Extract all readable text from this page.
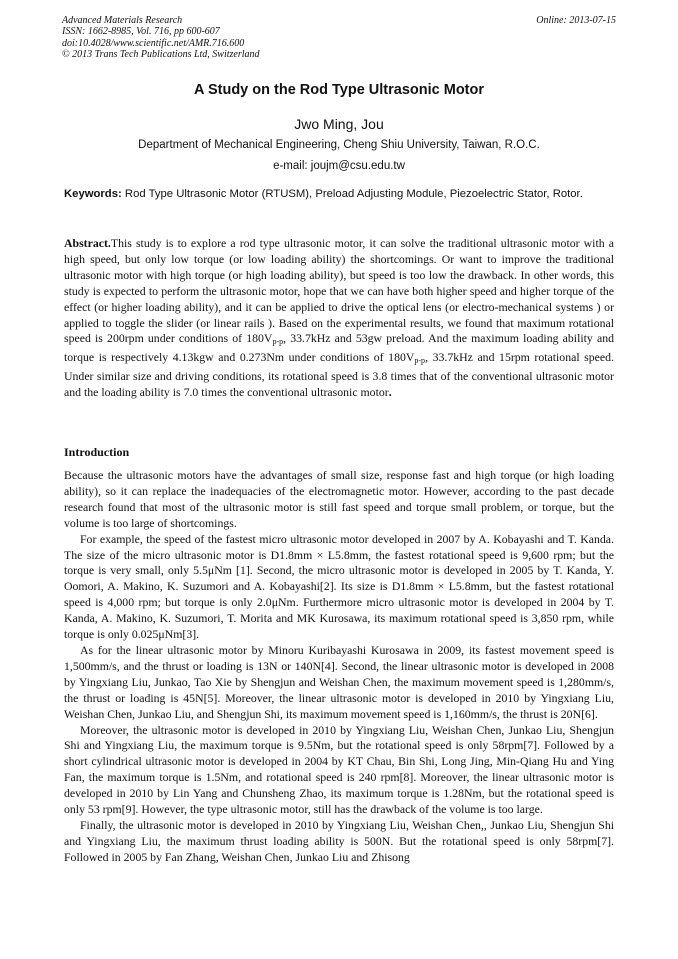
Advanced Materials Research
ISSN: 1662-8985, Vol. 716, pp 600-607
doi:10.4028/www.scientific.net/AMR.716.600
© 2013 Trans Tech Publications Ltd, Switzerland
Online: 2013-07-15
A Study on the Rod Type Ultrasonic Motor
Jwo Ming, Jou
Department of Mechanical Engineering, Cheng Shiu University, Taiwan, R.O.C.
e-mail: joujm@csu.edu.tw
Keywords: Rod Type Ultrasonic Motor (RTUSM), Preload Adjusting Module, Piezoelectric Stator, Rotor.
Abstract.This study is to explore a rod type ultrasonic motor, it can solve the traditional ultrasonic motor with a high speed, but only low torque (or low loading ability) the shortcomings. Or want to improve the traditional ultrasonic motor with high torque (or high loading ability), but speed is too low the drawback. In other words, this study is expected to perform the ultrasonic motor, hope that we can have both higher speed and higher torque of the effect (or higher loading ability), and it can be applied to drive the optical lens (or electro-mechanical systems ) or applied to toggle the slider (or linear rails ). Based on the experimental results, we found that maximum rotational speed is 200rpm under conditions of $180V_{p-p}$, 33.7kHz and 53gw preload. And the maximum loading ability and torque is respectively 4.13kgw and 0.273Nm under conditions of $180V_{p-p}$, 33.7kHz and 15rpm rotational speed. Under similar size and driving conditions, its rotational speed is 3.8 times that of the conventional ultrasonic motor and the loading ability is 7.0 times the conventional ultrasonic motor.
Introduction

Because the ultrasonic motors have the advantages of small size, response fast and high torque (or high loading ability), so it can replace the inadequacies of the electromagnetic motor. However, according to the past decade research found that most of the ultrasonic motor is still fast speed and torque small problem, or torque, but the volume is too large of shortcomings.

For example, the speed of the fastest micro ultrasonic motor developed in 2007 by A. Kobayashi and T. Kanda. The size of the micro ultrasonic motor is D1.8mm × L5.8mm, the fastest rotational speed is 9,600 rpm; but the torque is very small, only 5.5μNm [1]. Second, the micro ultrasonic motor is developed in 2005 by T. Kanda, Y. Oomori, A. Makino, K. Suzumori and A. Kobayashi[2]. Its size is D1.8mm × L5.8mm, but the fastest rotational speed is 4,000 rpm; but torque is only 2.0μNm. Furthermore micro ultrasonic motor is developed in 2004 by T. Kanda, A. Makino, K. Suzumori, T. Morita and MK Kurosawa, its maximum rotational speed is 3,850 rpm, while torque is only 0.025μNm[3].

As for the linear ultrasonic motor by Minoru Kuribayashi Kurosawa in 2009, its fastest movement speed is 1,500mm/s, and the thrust or loading is 13N or 140N[4]. Second, the linear ultrasonic motor is developed in 2008 by Yingxiang Liu, Junkao, Tao Xie by Shengjun and Weishan Chen, the maximum movement speed is 1,280mm/s, the thrust or loading is 45N[5]. Moreover, the linear ultrasonic motor is developed in 2010 by Yingxiang Liu, Weishan Chen, Junkao Liu, and Shengjun Shi, its maximum movement speed is 1,160mm/s, the thrust is 20N[6].

Moreover, the ultrasonic motor is developed in 2010 by Yingxiang Liu, Weishan Chen, Junkao Liu, Shengjun Shi and Yingxiang Liu, the maximum torque is 9.5Nm, but the rotational speed is only 58rpm[7]. Followed by a short cylindrical ultrasonic motor is developed in 2004 by KT Chau, Bin Shi, Long Jing, Min-Qiang Hu and Ying Fan, the maximum torque is 1.5Nm, and rotational speed is 240 rpm[8]. Moreover, the linear ultrasonic motor is developed in 2010 by Lin Yang and Chunsheng Zhao, its maximum torque is 1.28Nm, but the rotational speed is only 53 rpm[9]. However, the type ultrasonic motor, still has the drawback of the volume is too large.

Finally, the ultrasonic motor is developed in 2010 by Yingxiang Liu, Weishan Chen,, Junkao Liu, Shengjun Shi and Yingxiang Liu, the maximum thrust loading ability is 500N. But the rotational speed is only 58rpm[7]. Followed in 2005 by Fan Zhang, Weishan Chen, Junkao Liu and Zhisong
